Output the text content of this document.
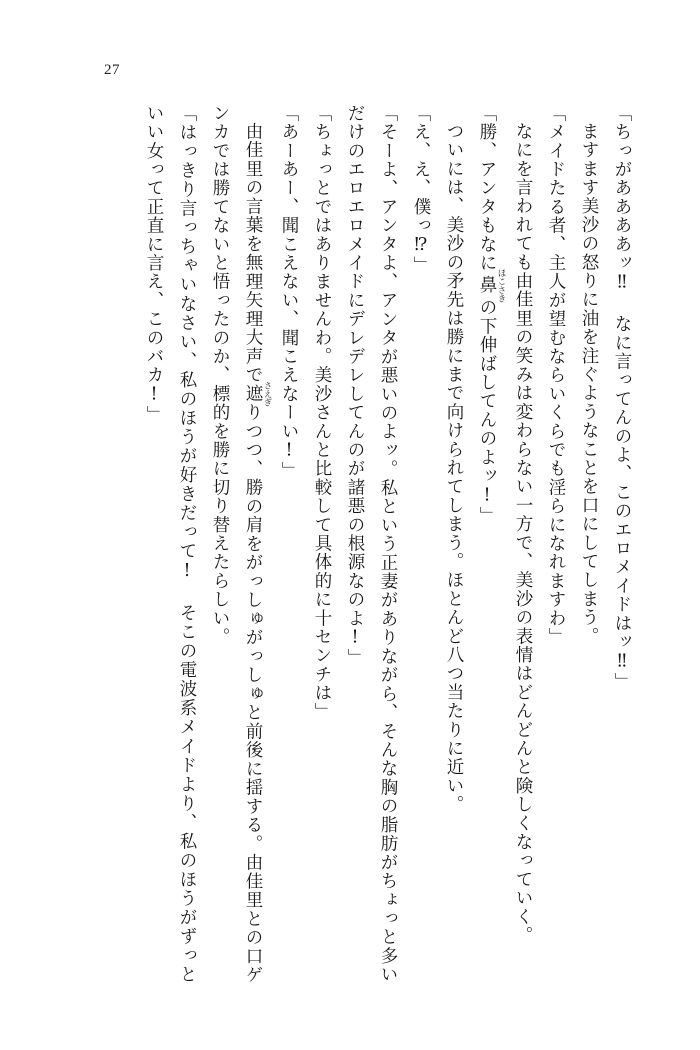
27

「ちっがああああッ‼ なに言ってんのよ、このエロメイドはッ‼」

ますます美沙の怒りに油を注ぐようなことを口にしてしまう。

「メイドたる者、主人が望むならいくらでも淫らになれますわ」

なにを言われても由佳里の笑みは変わらない一方で、美沙の表情はどんどんと険しくなっていく。

「勝、アンタもなに鼻 ほこさきの下伸ばしてんのよッ!」

ついには、美沙の矛先は勝にまで向けられてしまう。ほとんど八つ当たりに近い。

「え、え、僕っ⁉」

「そーよ、アンタよ、アンタが悪いのよッ。私という正妻がありながら、そんな胸の脂肪がちょっと多いだけのエロエロメイドにデレデレしてんのが諸悪の根源なのよ!」

「ちょっとではありませんわ。美沙さんと比較して具体的に十センチは」

「あーあー、聞こえない、聞こえなーい!」

由佳里の言葉を無理矢理大声で遮 さえぎりつつ、勝の肩をがっしゅがっしゅと前後に揺する。由佳里との口ゲンカでは勝てないと悟ったのか、標的を勝に切り替えたらしい。

「はっきり言っちゃいなさい、私のほうが好きだって! そこの電波系メイドより、私のほうがずっといい女って正直に言え、このバカ!」
